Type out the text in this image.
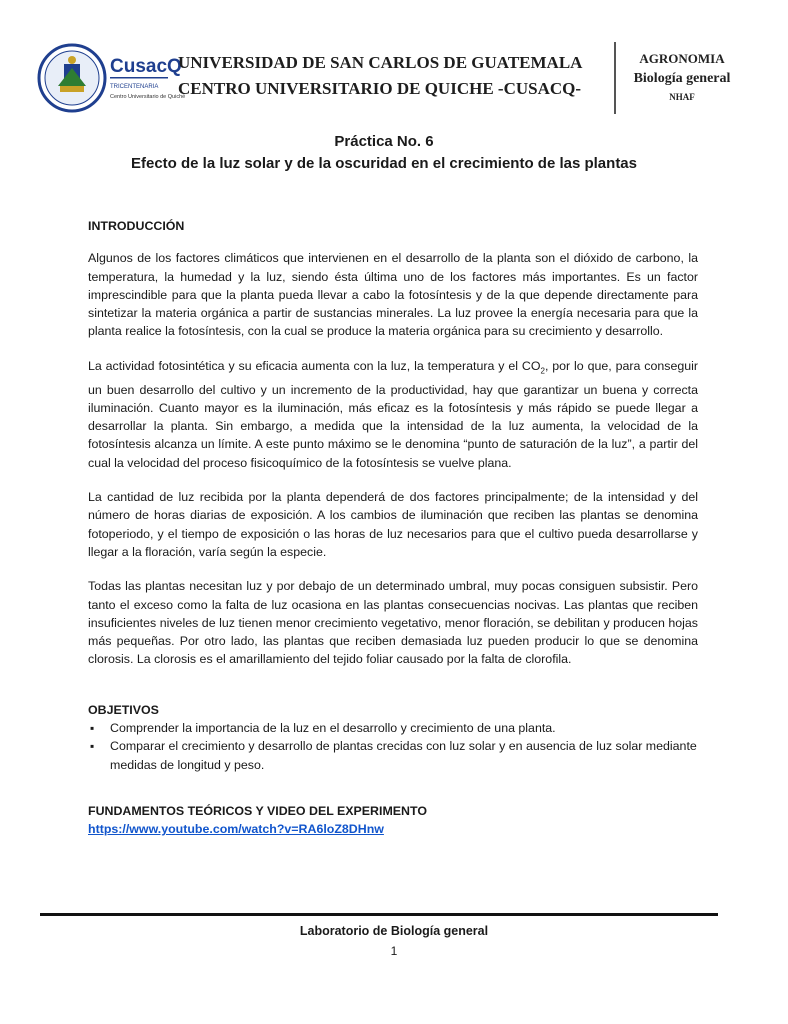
CusacQ
TRICENTENARIA
Centro Universitario de Quiché
UNIVERSIDAD DE SAN CARLOS DE GUATEMALA
CENTRO UNIVERSITARIO DE QUICHE -CUSACQ-
AGRONOMIA
Biología general
NHAF
Práctica No. 6
Efecto de la luz solar y de la oscuridad en el crecimiento de las plantas
INTRODUCCIÓN

Algunos de los factores climáticos que intervienen en el desarrollo de la planta son el dióxido de carbono, la temperatura, la humedad y la luz, siendo ésta última uno de los factores más importantes. Es un factor imprescindible para que la planta pueda llevar a cabo la fotosíntesis y de la que depende directamente para sintetizar la materia orgánica a partir de sustancias minerales. La luz provee la energía necesaria para que la planta realice la fotosíntesis, con la cual se produce la materia orgánica para su crecimiento y desarrollo.

La actividad fotosintética y su eficacia aumenta con la luz, la temperatura y el $CO_2$, por lo que, para conseguir un buen desarrollo del cultivo y un incremento de la productividad, hay que garantizar un buena y correcta iluminación. Cuanto mayor es la iluminación, más eficaz es la fotosíntesis y más rápido se puede llegar a desarrollar la planta. Sin embargo, a medida que la intensidad de la luz aumenta, la velocidad de la fotosíntesis alcanza un límite. A este punto máximo se le denomina “punto de saturación de la luz”, a partir del cual la velocidad del proceso fisicoquímico de la fotosíntesis se vuelve plana.

La cantidad de luz recibida por la planta dependerá de dos factores principalmente; de la intensidad y del número de horas diarias de exposición. A los cambios de iluminación que reciben las plantas se denomina fotoperiodo, y el tiempo de exposición o las horas de luz necesarios para que el cultivo pueda desarrollarse y llegar a la floración, varía según la especie.

Todas las plantas necesitan luz y por debajo de un determinado umbral, muy pocas consiguen subsistir. Pero tanto el exceso como la falta de luz ocasiona en las plantas consecuencias nocivas. Las plantas que reciben insuficientes niveles de luz tienen menor crecimiento vegetativo, menor floración, se debilitan y producen hojas más pequeñas. Por otro lado, las plantas que reciben demasiada luz pueden producir lo que se denomina clorosis. La clorosis es el amarillamiento del tejido foliar causado por la falta de clorofila.

OBJETIVOS
▪ Comprender la importancia de la luz en el desarrollo y crecimiento de una planta.
▪ Comparar el crecimiento y desarrollo de plantas crecidas con luz solar y en ausencia de luz solar mediante medidas de longitud y peso.
FUNDAMENTOS TEÓRICOS Y VIDEO DEL EXPERIMENTO
https://www.youtube.com/watch?v=RA6loZ8DHnw
Laboratorio de Biología general
1
